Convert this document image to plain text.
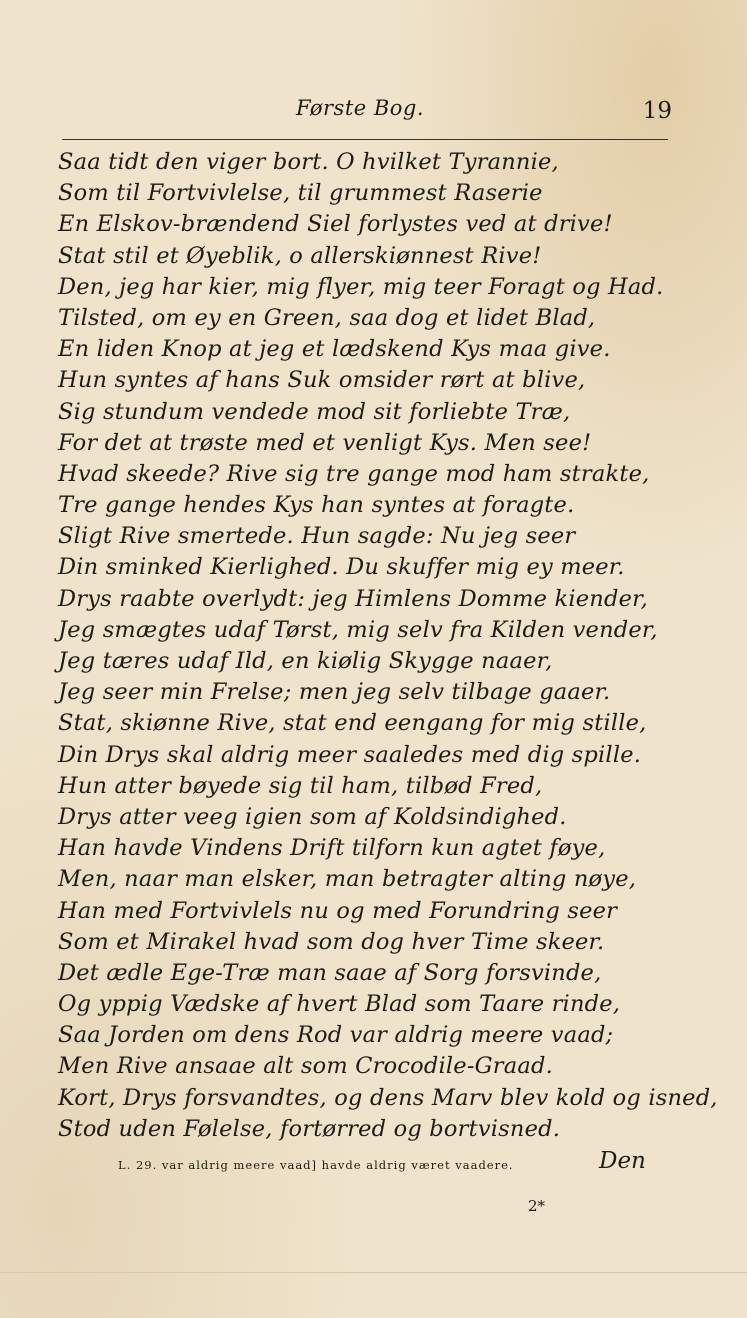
Første Bog.	19
Saa tidt den viger bort. O hvilket Tyrannie,
Som til Fortvivlelse, til grummest Raserie
En Elskov-brændend Siel forlystes ved at drive!
Stat stil et Øyeblik, o allerskiønnest Rive!
Den, jeg har kier, mig flyer, mig teer Foragt og Had.
Tilsted, om ey en Green, saa dog et lidet Blad,
En liden Knop at jeg et lædskend Kys maa give.
Hun syntes af hans Suk omsider rørt at blive,
Sig stundum vendede mod sit forliebte Træ,
For det at trøste med et venligt Kys. Men see!
Hvad skeede? Rive sig tre gange mod ham strakte,
Tre gange hendes Kys han syntes at foragte.
Sligt Rive smertede. Hun sagde: Nu jeg seer
Din sminked Kierlighed. Du skuffer mig ey meer.
Drys raabte overlydt: jeg Himlens Domme kiender,
Jeg smægtes udaf Tørst, mig selv fra Kilden vender,
Jeg tæres udaf Ild, en kiølig Skygge naaer,
Jeg seer min Frelse; men jeg selv tilbage gaaer.
Stat, skiønne Rive, stat end eengang for mig stille,
Din Drys skal aldrig meer saaledes med dig spille.
Hun atter bøyede sig til ham, tilbød Fred,
Drys atter veeg igien som af Koldsindighed.
Han havde Vindens Drift tilforn kun agtet føye,
Men, naar man elsker, man betragter alting nøye,
Han med Fortvivlels nu og med Forundring seer
Som et Mirakel hvad som dog hver Time skeer.
Det ædle Ege-Træ man saae af Sorg forsvinde,
Og yppig Vædske af hvert Blad som Taare rinde,
Saa Jorden om dens Rod var aldrig meere vaad;
Men Rive ansaae alt som Crocodile-Graad.
Kort, Drys forsvandtes, og dens Marv blev kold og isned,
Stod uden Følelse, fortørred og bortvisned.
Den
L. 29. var aldrig meere vaad] havde aldrig været vaadere.
2*
